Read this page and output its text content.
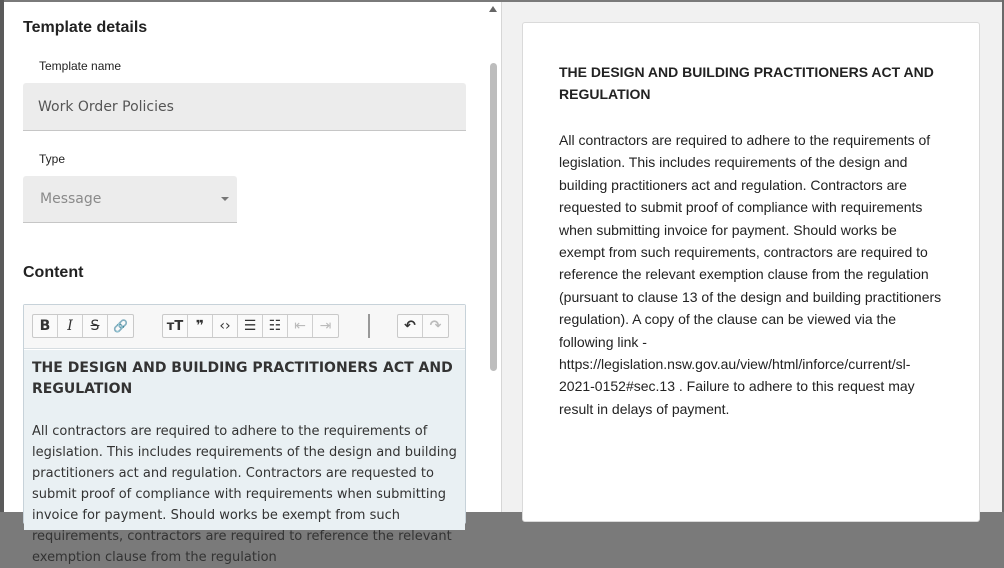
Template details
Template name
Work Order Policies
Type
Message
Content
B	I	S	🔗	тТ ❞	‹› ☰ ☷ ⇤ ⇥	↶ ↷
THE DESIGN AND BUILDING PRACTITIONERS ACT AND REGULATION
All contractors are required to adhere to the requirements of legislation. This includes requirements of the design and building practitioners act and regulation. Contractors are requested to submit proof of compliance with requirements when submitting invoice for payment. Should works be exempt from such requirements, contractors are required to reference the relevant exemption clause from the regulation
THE DESIGN AND BUILDING PRACTITIONERS ACT AND REGULATION
All contractors are required to adhere to the requirements of legislation. This includes requirements of the design and building practitioners act and regulation. Contractors are requested to submit proof of compliance with requirements when submitting invoice for payment. Should works be exempt from such requirements, contractors are required to reference the relevant exemption clause from the regulation (pursuant to clause 13 of the design and building practitioners regulation). A copy of the clause can be viewed via the following link - https://legislation.nsw.gov.au/view/html/inforce/current/sl-2021-0152#sec.13 . Failure to adhere to this request may result in delays of payment.
